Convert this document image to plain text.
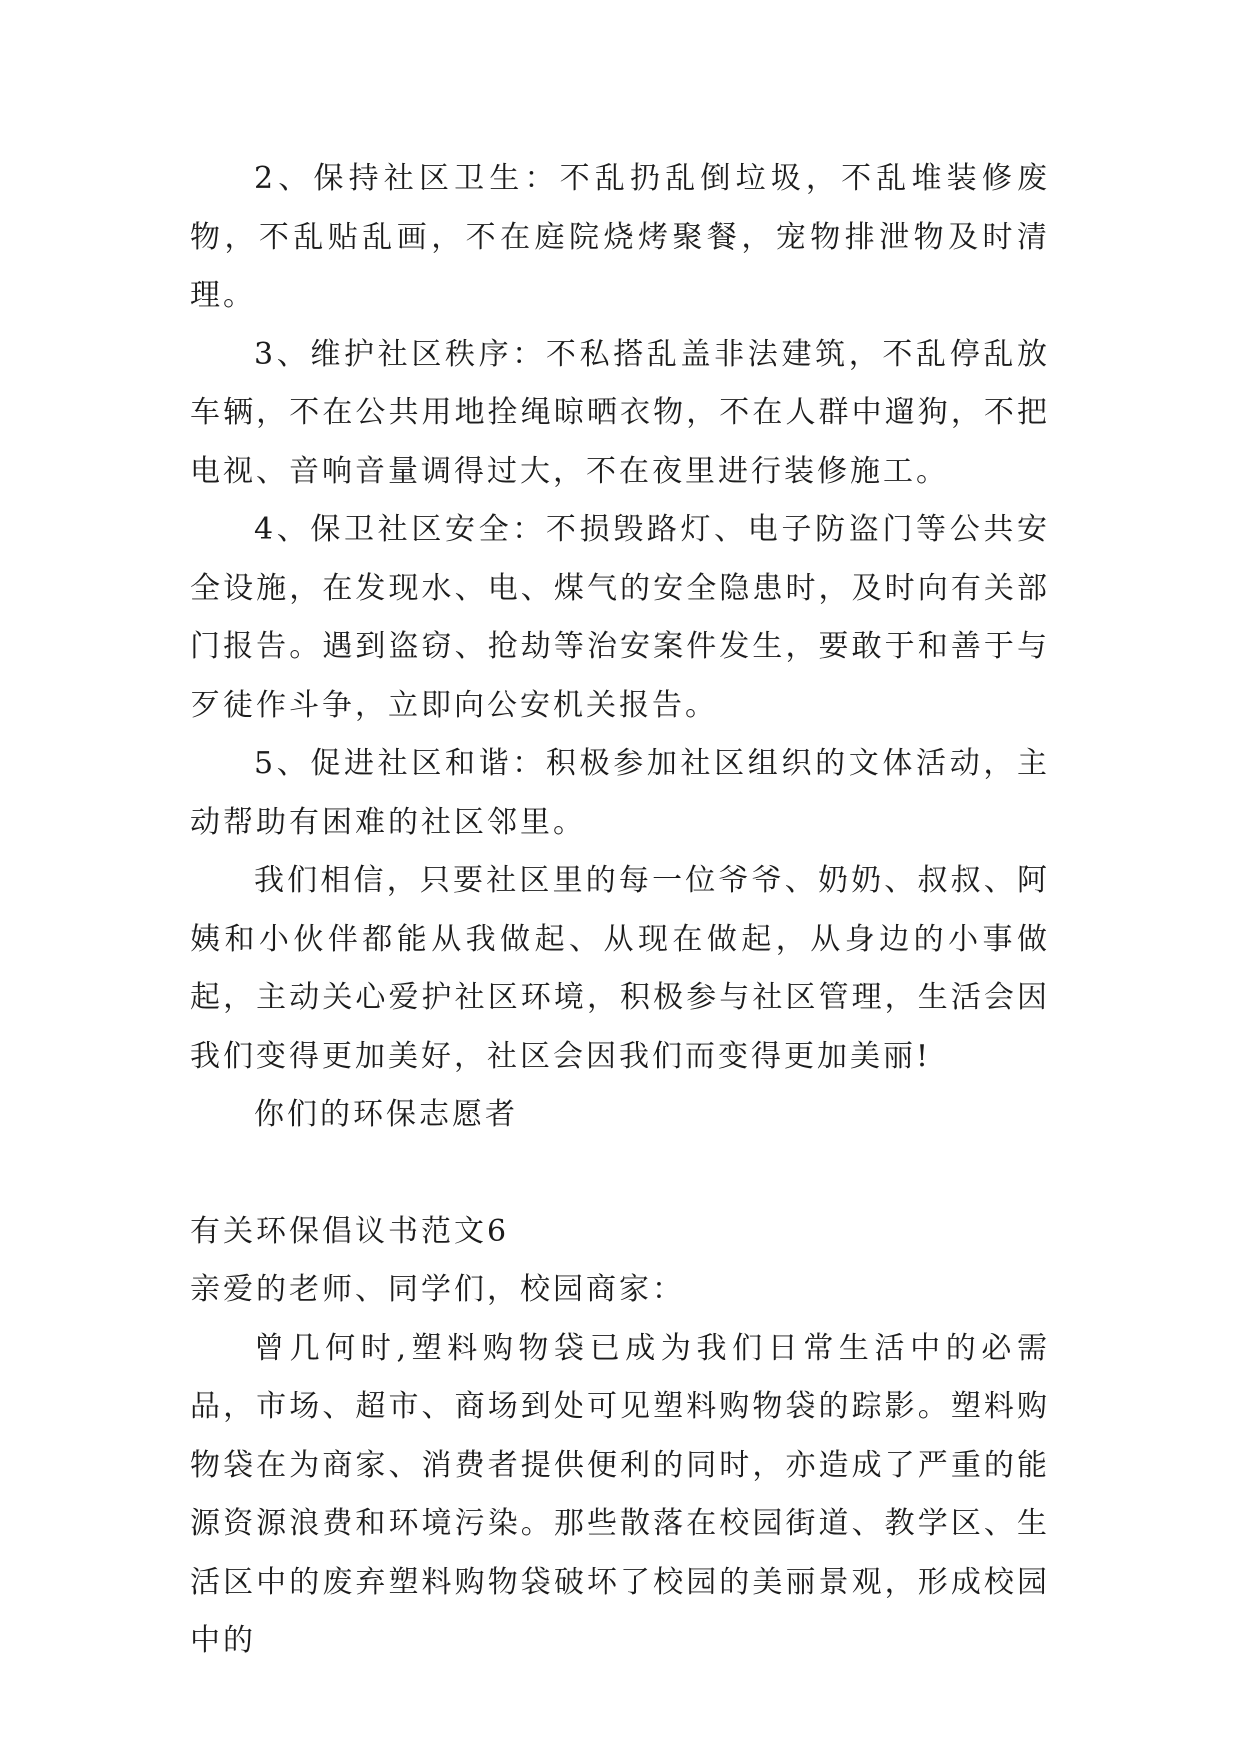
2、保持社区卫生：不乱扔乱倒垃圾，不乱堆装修废物，不乱贴乱画，不在庭院烧烤聚餐，宠物排泄物及时清理。

3、维护社区秩序：不私搭乱盖非法建筑，不乱停乱放车辆，不在公共用地拴绳晾晒衣物，不在人群中遛狗，不把电视、音响音量调得过大，不在夜里进行装修施工。

4、保卫社区安全：不损毁路灯、电子防盗门等公共安全设施，在发现水、电、煤气的安全隐患时，及时向有关部门报告。遇到盗窃、抢劫等治安案件发生，要敢于和善于与歹徒作斗争，立即向公安机关报告。

5、促进社区和谐：积极参加社区组织的文体活动，主动帮助有困难的社区邻里。

我们相信，只要社区里的每一位爷爷、奶奶、叔叔、阿姨和小伙伴都能从我做起、从现在做起，从身边的小事做起，主动关心爱护社区环境，积极参与社区管理，生活会因我们变得更加美好，社区会因我们而变得更加美丽!

你们的环保志愿者

有关环保倡议书范文6

亲爱的老师、同学们，校园商家：

曾几何时,塑料购物袋已成为我们日常生活中的必需品，市场、超市、商场到处可见塑料购物袋的踪影。塑料购物袋在为商家、消费者提供便利的同时，亦造成了严重的能源资源浪费和环境污染。那些散落在校园街道、教学区、生活区中的废弃塑料购物袋破坏了校园的美丽景观，形成校园中的
